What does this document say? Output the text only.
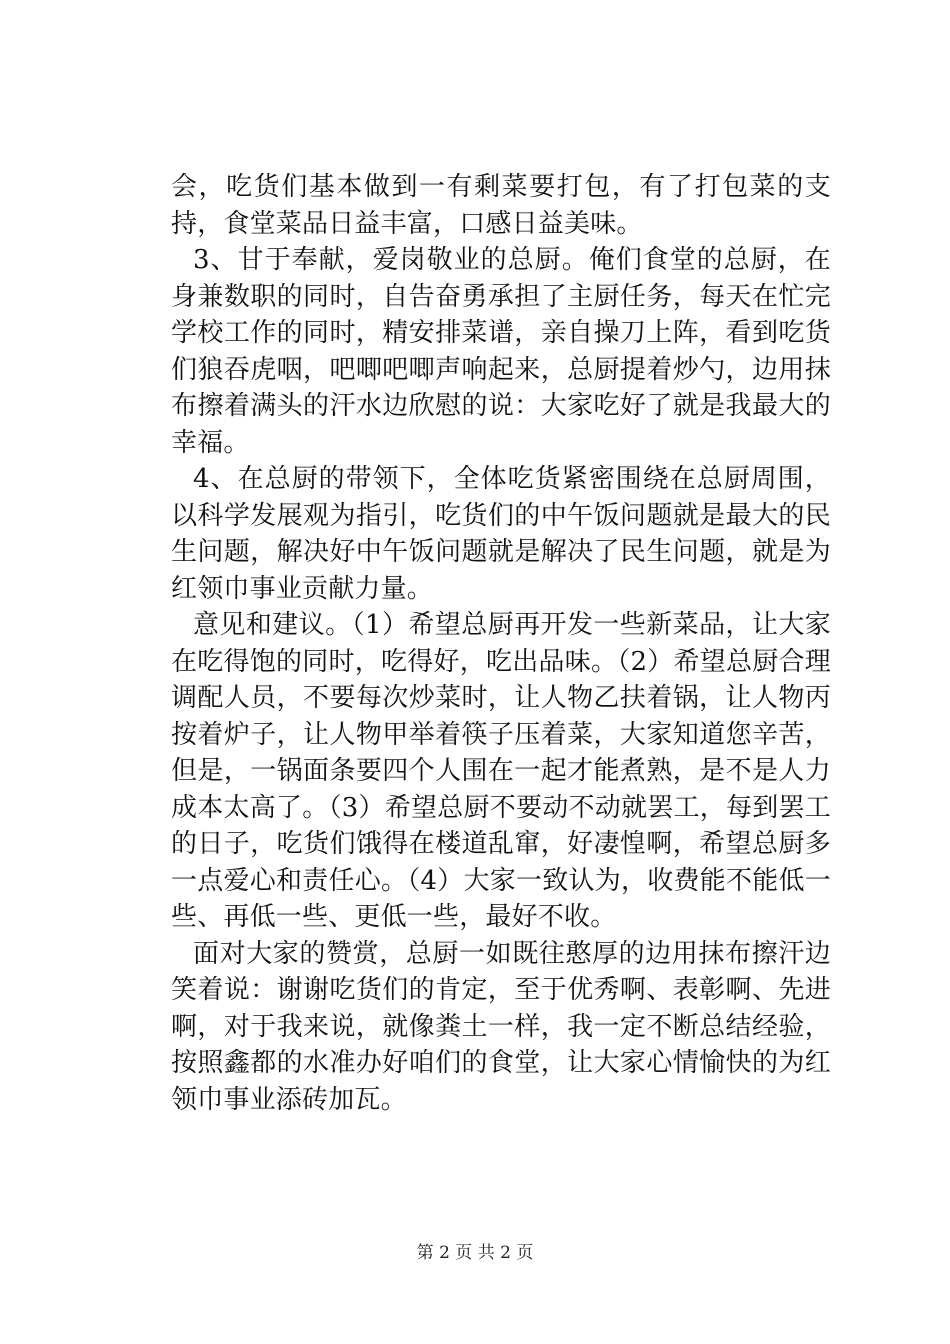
会，吃货们基本做到一有剩菜要打包，有了打包菜的支持，食堂菜品日益丰富，口感日益美味。

3、甘于奉献，爱岗敬业的总厨。俺们食堂的总厨，在身兼数职的同时，自告奋勇承担了主厨任务，每天在忙完学校工作的同时，精安排菜谱，亲自操刀上阵，看到吃货们狼吞虎咽，吧唧吧唧声响起来，总厨提着炒勺，边用抹布擦着满头的汗水边欣慰的说：大家吃好了就是我最大的幸福。

4、在总厨的带领下，全体吃货紧密围绕在总厨周围，以科学发展观为指引，吃货们的中午饭问题就是最大的民生问题，解决好中午饭问题就是解决了民生问题，就是为红领巾事业贡献力量。

意见和建议。（1）希望总厨再开发一些新菜品，让大家在吃得饱的同时，吃得好，吃出品味。（2）希望总厨合理调配人员，不要每次炒菜时，让人物乙扶着锅，让人物丙按着炉子，让人物甲举着筷子压着菜，大家知道您辛苦，但是，一锅面条要四个人围在一起才能煮熟，是不是人力成本太高了。（3）希望总厨不要动不动就罢工，每到罢工的日子，吃货们饿得在楼道乱窜，好凄惶啊，希望总厨多一点爱心和责任心。（4）大家一致认为，收费能不能低一些、再低一些、更低一些，最好不收。

面对大家的赞赏，总厨一如既往憨厚的边用抹布擦汗边笑着说：谢谢吃货们的肯定，至于优秀啊、表彰啊、先进啊，对于我来说，就像粪土一样，我一定不断总结经验，按照鑫都的水准办好咱们的食堂，让大家心情愉快的为红领巾事业添砖加瓦。

第 2 页 共 2 页
